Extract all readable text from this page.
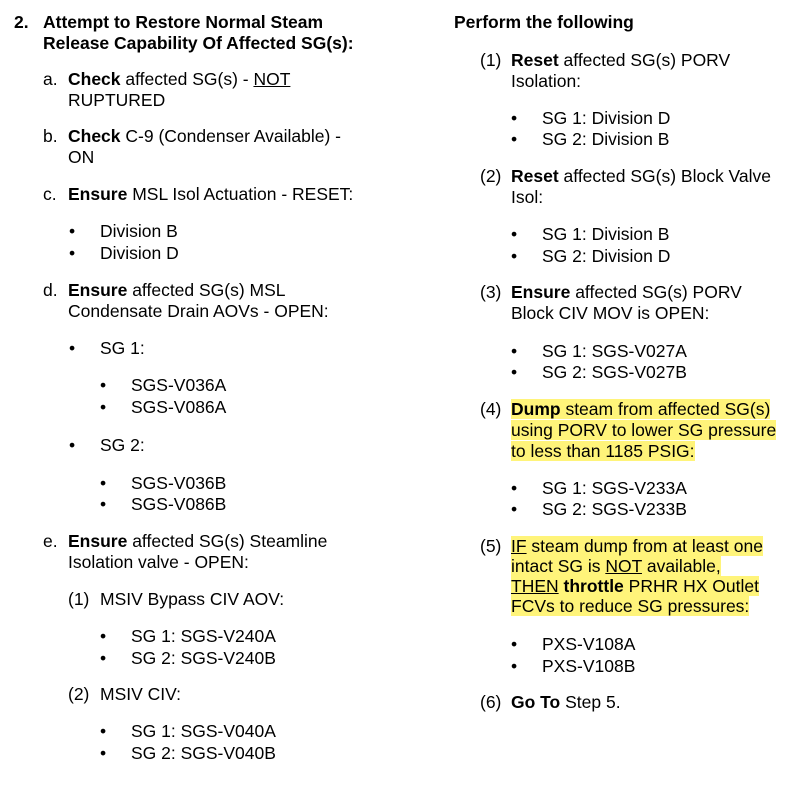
2. Attempt to Restore Normal Steam
Release Capability Of Affected SG(s):
a. Check affected SG(s) - NOT
RUPTURED
b. Check C-9 (Condenser Available) -
ON
c. Ensure MSL Isol Actuation - RESET:
• Division B
• Division D
d. Ensure affected SG(s) MSL
Condensate Drain AOVs - OPEN:
• SG 1:
• SGS-V036A
• SGS-V086A
• SG 2:
• SGS-V036B
• SGS-V086B
e. Ensure affected SG(s) Steamline
Isolation valve - OPEN:
(1) MSIV Bypass CIV AOV:
• SG 1: SGS-V240A
• SG 2: SGS-V240B
(2) MSIV CIV:
• SG 1: SGS-V040A
• SG 2: SGS-V040B
Perform the following
(1) Reset affected SG(s) PORV
Isolation:
• SG 1: Division D
• SG 2: Division B
(2) Reset affected SG(s) Block Valve
Isol:
• SG 1: Division B
• SG 2: Division D
(3) Ensure affected SG(s) PORV
Block CIV MOV is OPEN:
• SG 1: SGS-V027A
• SG 2: SGS-V027B
(4) Dump steam from affected SG(s)
using PORV to lower SG pressure
to less than 1185 PSIG:
• SG 1: SGS-V233A
• SG 2: SGS-V233B
(5) IF steam dump from at least one
intact SG is NOT available,
THEN throttle PRHR HX Outlet
FCVs to reduce SG pressures:
• PXS-V108A
• PXS-V108B
(6) Go To Step 5.
